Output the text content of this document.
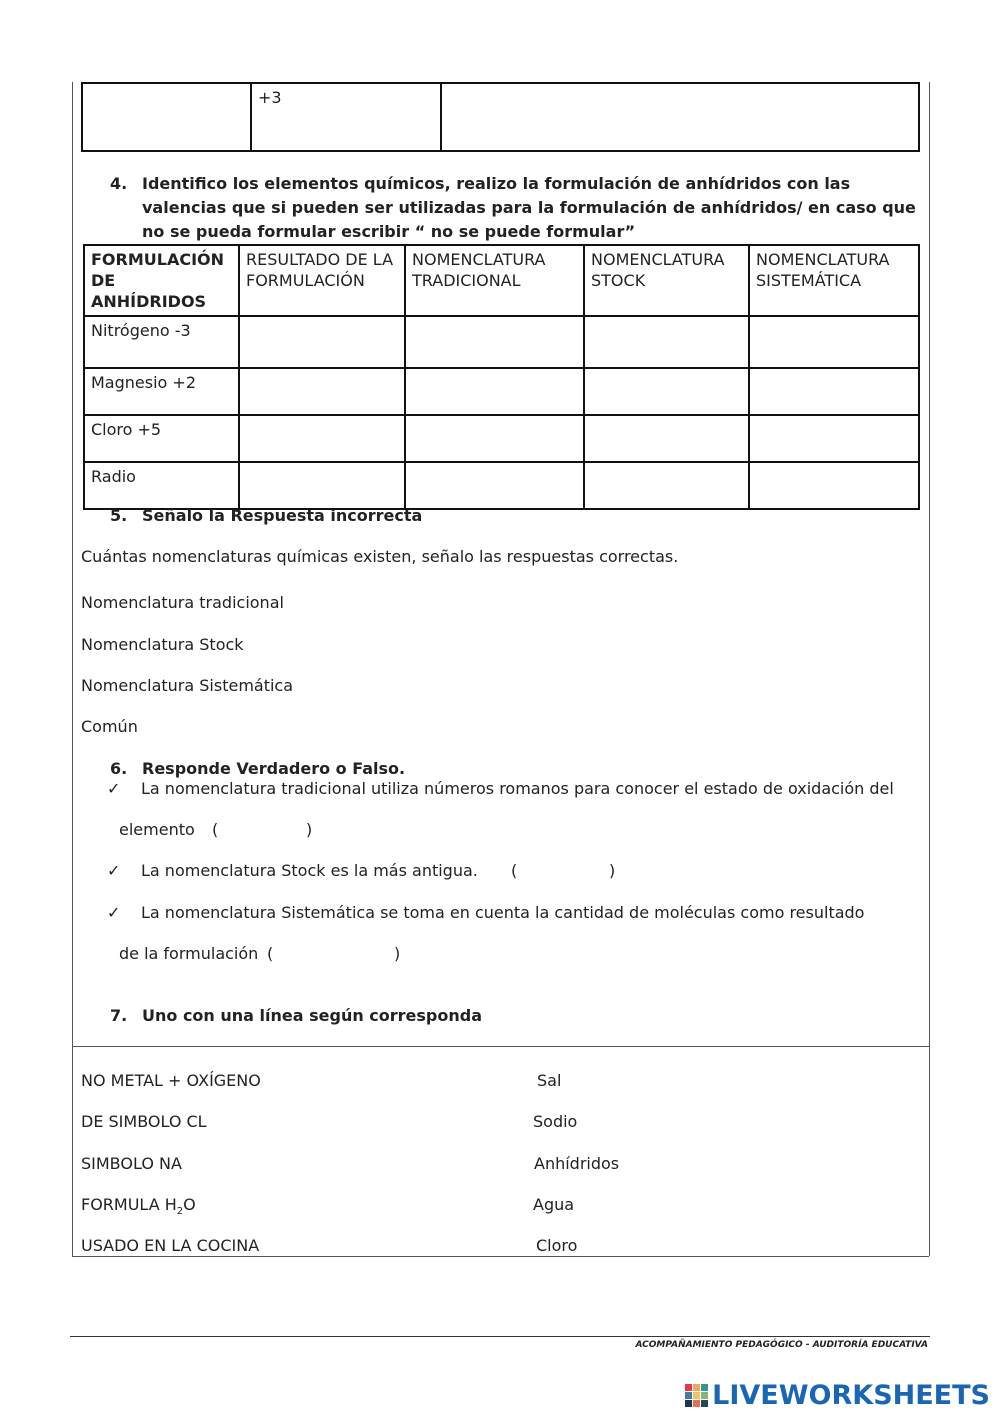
	+3	
4. Identifico los elementos químicos, realizo la formulación de anhídridos con las valencias que si pueden ser utilizadas para la formulación de anhídridos/ en caso que no se pueda formular escribir “ no se puede formular”
FORMULACIÓN DE ANHÍDRIDOS	RESULTADO DE LA FORMULACIÓN	NOMENCLATURA TRADICIONAL	NOMENCLATURA STOCK	NOMENCLATURA SISTEMÁTICA
Nitrógeno -3				
Magnesio +2				
Cloro +5				
Radio				
5. Señalo la Respuesta incorrecta
Cuántas nomenclaturas químicas existen, señalo las respuestas correctas.
Nomenclatura tradicional
Nomenclatura Stock
Nomenclatura Sistemática
Común
6. Responde Verdadero o Falso.
✓ La nomenclatura tradicional utiliza números romanos para conocer el estado de oxidación del
elemento (	)
✓ La nomenclatura Stock es la más antigua. (	)
✓ La nomenclatura Sistemática se toma en cuenta la cantidad de moléculas como resultado
de la formulación (	)
7. Uno con una línea según corresponda
NO METAL + OXÍGENO
DE SIMBOLO CL
SIMBOLO NA
FORMULA $H_2O$
USADO EN LA COCINA
Sal
Sodio
Anhídridos
Agua
Cloro
ACOMPAÑAMIENTO PEDAGÓGICO - AUDITORÍA EDUCATIVA
LIVEWORKSHEETS
